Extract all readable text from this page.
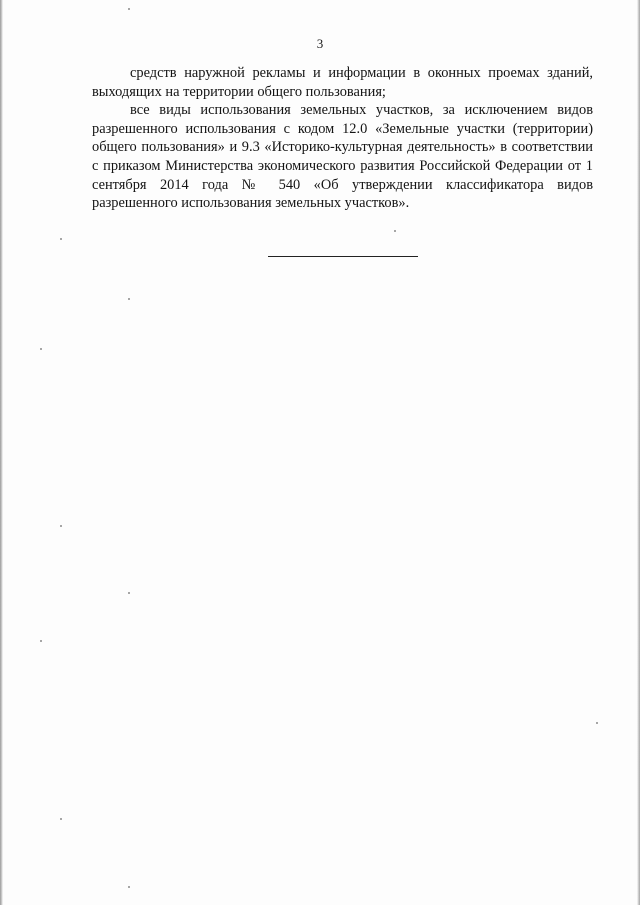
3

средств наружной рекламы и информации в оконных проемах зданий, выходящих на территории общего пользования;

все виды использования земельных участков, за исключением видов разрешенного использования с кодом 12.0 «Земельные участки (территории) общего пользования» и 9.3 «Историко-культурная деятельность» в соответствии с приказом Министерства экономического развития Российской Федерации от 1 сентября 2014 года № 540 «Об утверждении классификатора видов разрешенного использования земельных участков».
